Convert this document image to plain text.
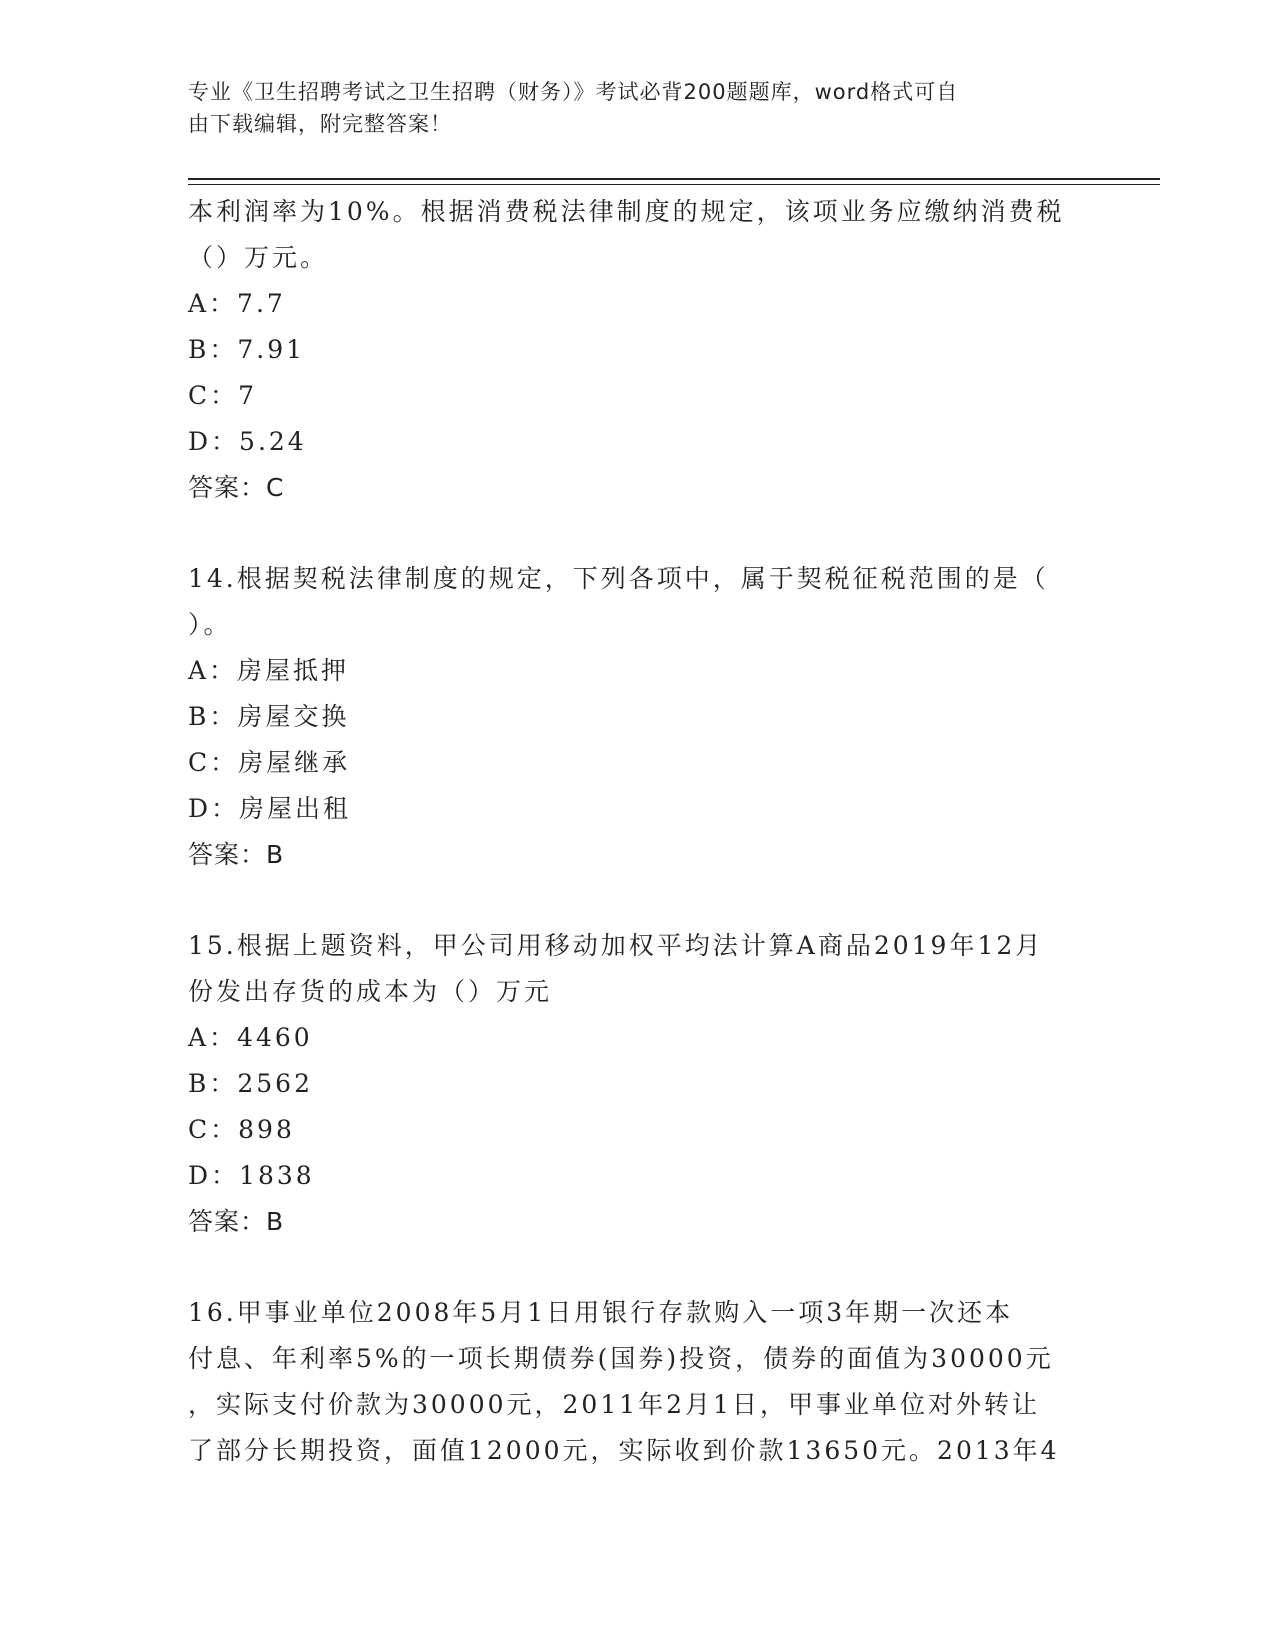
专业《卫生招聘考试之卫生招聘（财务）》考试必背200题题库，word格式可自
由下载编辑，附完整答案！
本利润率为10%。根据消费税法律制度的规定，该项业务应缴纳消费税
（）万元。
A：7.7
B：7.91
C：7
D：5.24
答案：C
14.根据契税法律制度的规定，下列各项中，属于契税征税范围的是（
）。
A：房屋抵押
B：房屋交换
C：房屋继承
D：房屋出租
答案：B
15.根据上题资料，甲公司用移动加权平均法计算A商品2019年12月
份发出存货的成本为（）万元
A：4460
B：2562
C：898
D：1838
答案：B
16.甲事业单位2008年5月1日用银行存款购入一项3年期一次还本
付息、年利率5%的一项长期债券(国券)投资，债券的面值为30000元
，实际支付价款为30000元，2011年2月1日，甲事业单位对外转让
了部分长期投资，面值12000元，实际收到价款13650元。2013年4
